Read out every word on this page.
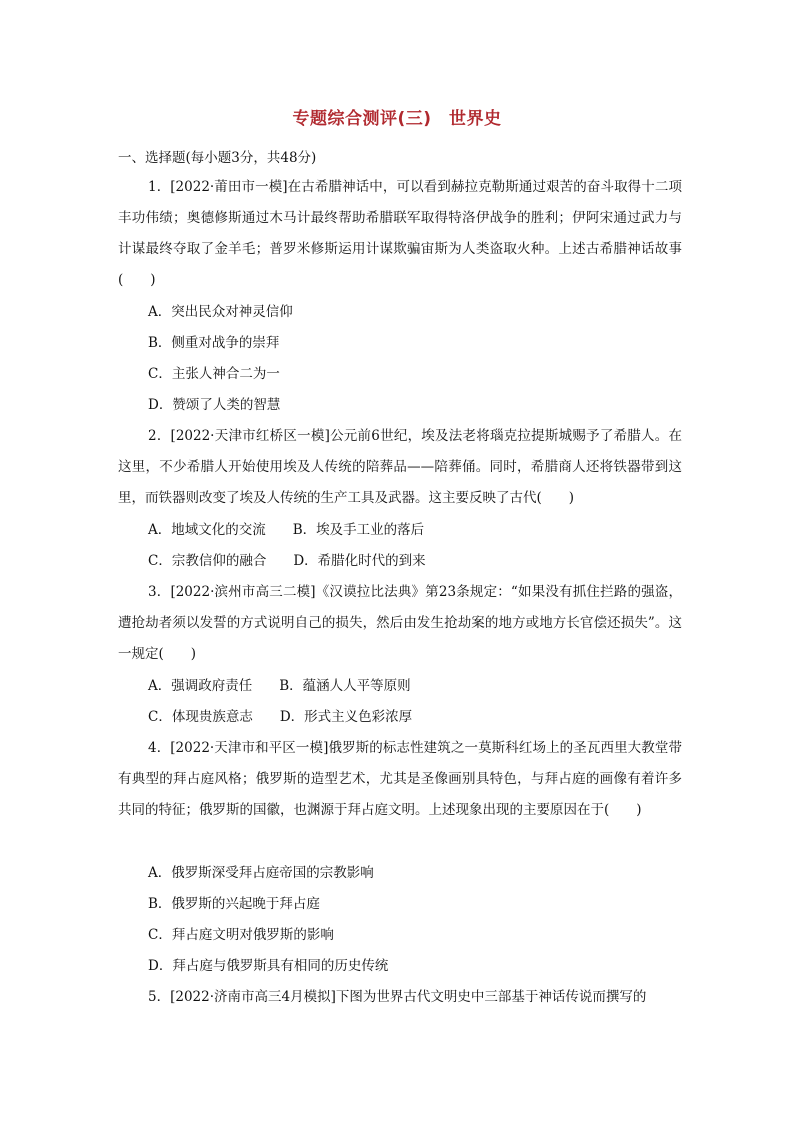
专题综合测评(三)　世界史
一、选择题(每小题3分，共48分)
1．[2022·莆田市一模]在古希腊神话中，可以看到赫拉克勒斯通过艰苦的奋斗取得十二项丰功伟绩；奥德修斯通过木马计最终帮助希腊联军取得特洛伊战争的胜利；伊阿宋通过武力与计谋最终夺取了金羊毛；普罗米修斯运用计谋欺骗宙斯为人类盗取火种。上述古希腊神话故事(　　)
A．突出民众对神灵信仰
B．侧重对战争的崇拜
C．主张人神合二为一
D．赞颂了人类的智慧
2．[2022·天津市红桥区一模]公元前6世纪，埃及法老将瑙克拉提斯城赐予了希腊人。在这里，不少希腊人开始使用埃及人传统的陪葬品——陪葬俑。同时，希腊商人还将铁器带到这里，而铁器则改变了埃及人传统的生产工具及武器。这主要反映了古代(　　)
A．地域文化的交流　　B．埃及手工业的落后
C．宗教信仰的融合　　D．希腊化时代的到来
3．[2022·滨州市高三二模]《汉谟拉比法典》第23条规定：“如果没有抓住拦路的强盗，遭抢劫者须以发誓的方式说明自己的损失，然后由发生抢劫案的地方或地方长官偿还损失”。这一规定(　　)
A．强调政府责任　　B．蕴涵人人平等原则
C．体现贵族意志　　D．形式主义色彩浓厚
4．[2022·天津市和平区一模]俄罗斯的标志性建筑之一莫斯科红场上的圣瓦西里大教堂带有典型的拜占庭风格；俄罗斯的造型艺术，尤其是圣像画别具特色，与拜占庭的画像有着许多共同的特征；俄罗斯的国徽，也渊源于拜占庭文明。上述现象出现的主要原因在于(　　)
A．俄罗斯深受拜占庭帝国的宗教影响
B．俄罗斯的兴起晚于拜占庭
C．拜占庭文明对俄罗斯的影响
D．拜占庭与俄罗斯具有相同的历史传统
5．[2022·济南市高三4月模拟]下图为世界古代文明史中三部基于神话传说而撰写的
